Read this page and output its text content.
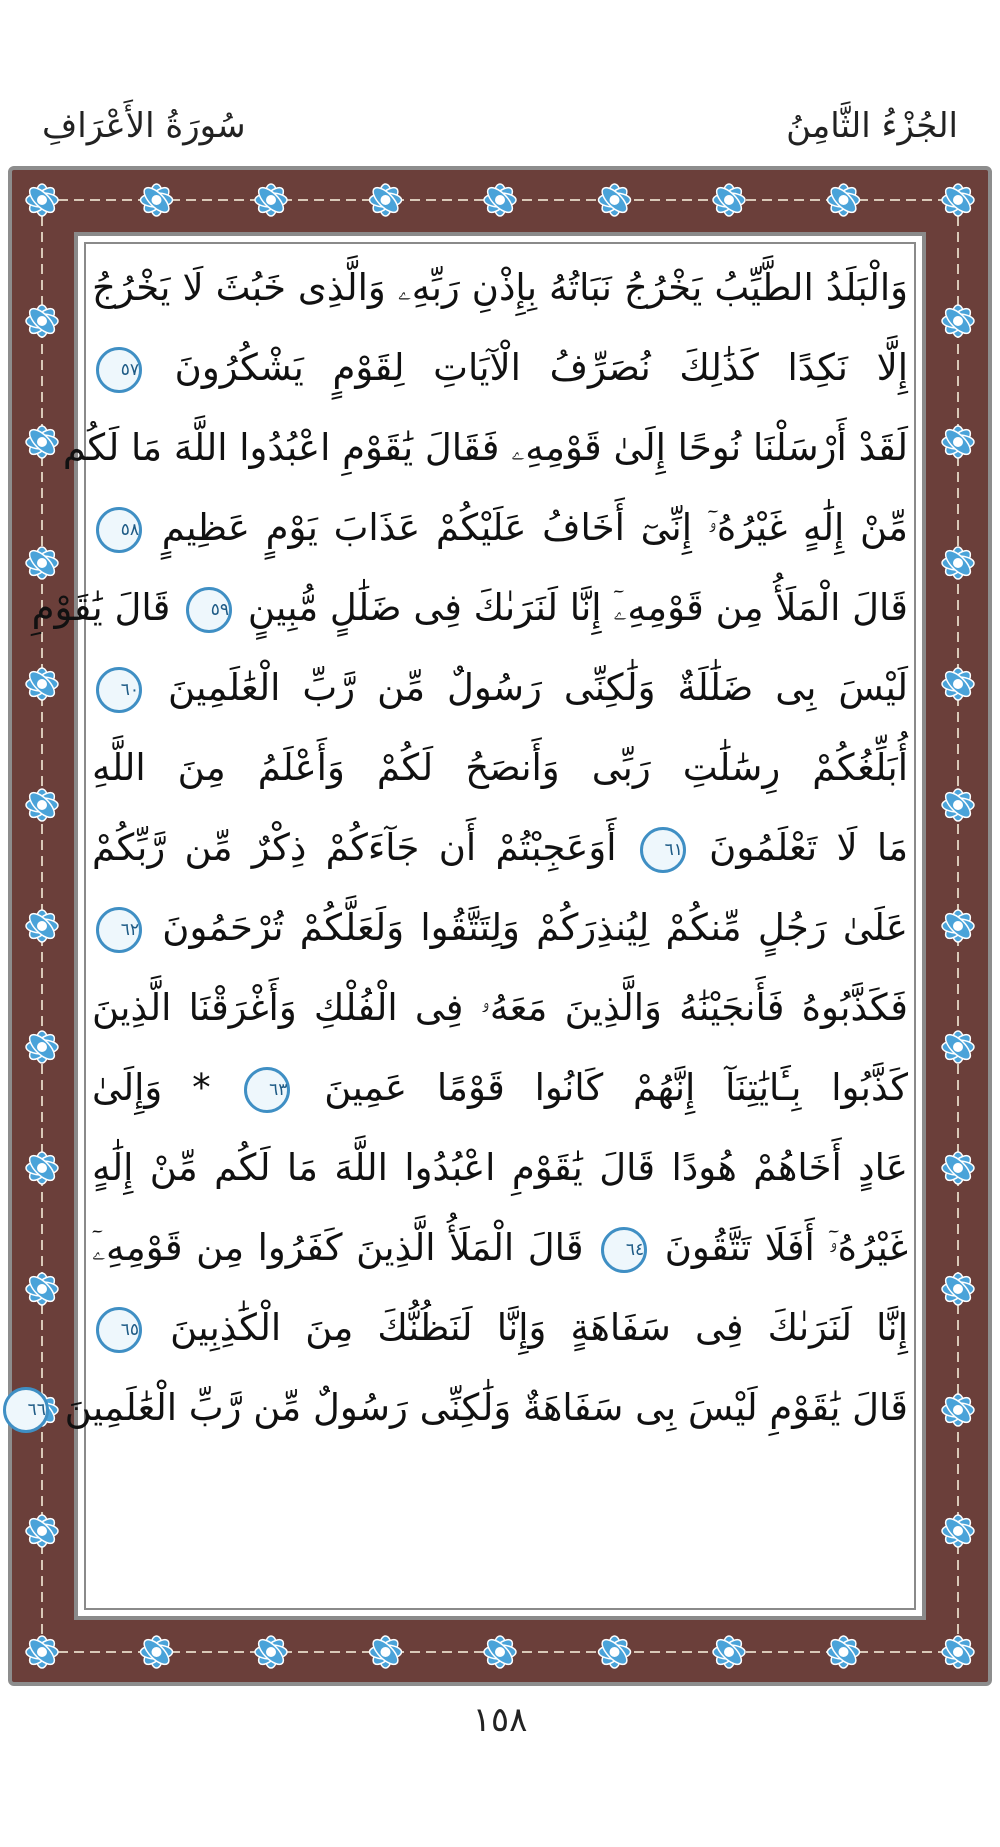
الجُزْءُ الثَّامِنُ
سُورَةُ الأَعْرَافِ
وَالْبَلَدُ الطَّيِّبُ يَخْرُجُ نَبَاتُهُ بِإِذْنِ رَبِّهِۦ وَالَّذِى خَبُثَ لَا يَخْرُجُ
إِلَّا نَكِدًا كَذَٰلِكَ نُصَرِّفُ الْآيَاتِ لِقَوْمٍ يَشْكُرُونَ ٥٧
لَقَدْ أَرْسَلْنَا نُوحًا إِلَىٰ قَوْمِهِۦ فَقَالَ يَٰقَوْمِ اعْبُدُوا اللَّهَ مَا لَكُم
مِّنْ إِلَٰهٍ غَيْرُهُۥٓ إِنِّىٓ أَخَافُ عَلَيْكُمْ عَذَابَ يَوْمٍ عَظِيمٍ ٥٨
قَالَ الْمَلَأُ مِن قَوْمِهِۦٓ إِنَّا لَنَرَىٰكَ فِى ضَلَٰلٍ مُّبِينٍ ٥٩ قَالَ يَٰقَوْمِ
لَيْسَ بِى ضَلَٰلَةٌ وَلَٰكِنِّى رَسُولٌ مِّن رَّبِّ الْعَٰلَمِينَ ٦٠
أُبَلِّغُكُمْ رِسَٰلَٰتِ رَبِّى وَأَنصَحُ لَكُمْ وَأَعْلَمُ مِنَ اللَّهِ
مَا لَا تَعْلَمُونَ ٦١ أَوَعَجِبْتُمْ أَن جَآءَكُمْ ذِكْرٌ مِّن رَّبِّكُمْ
عَلَىٰ رَجُلٍ مِّنكُمْ لِيُنذِرَكُمْ وَلِتَتَّقُوا وَلَعَلَّكُمْ تُرْحَمُونَ ٦٢
فَكَذَّبُوهُ فَأَنجَيْنَٰهُ وَالَّذِينَ مَعَهُۥ فِى الْفُلْكِ وَأَغْرَقْنَا الَّذِينَ
كَذَّبُوا بِـَٔايَٰتِنَآ إِنَّهُمْ كَانُوا قَوْمًا عَمِينَ ٦٣ * وَإِلَىٰ
عَادٍ أَخَاهُمْ هُودًا قَالَ يَٰقَوْمِ اعْبُدُوا اللَّهَ مَا لَكُم مِّنْ إِلَٰهٍ
غَيْرُهُۥٓ أَفَلَا تَتَّقُونَ ٦٤ قَالَ الْمَلَأُ الَّذِينَ كَفَرُوا مِن قَوْمِهِۦٓ
إِنَّا لَنَرَىٰكَ فِى سَفَاهَةٍ وَإِنَّا لَنَظُنُّكَ مِنَ الْكَٰذِبِينَ ٦٥
قَالَ يَٰقَوْمِ لَيْسَ بِى سَفَاهَةٌ وَلَٰكِنِّى رَسُولٌ مِّن رَّبِّ الْعَٰلَمِينَ ٦٦
١٥٨
